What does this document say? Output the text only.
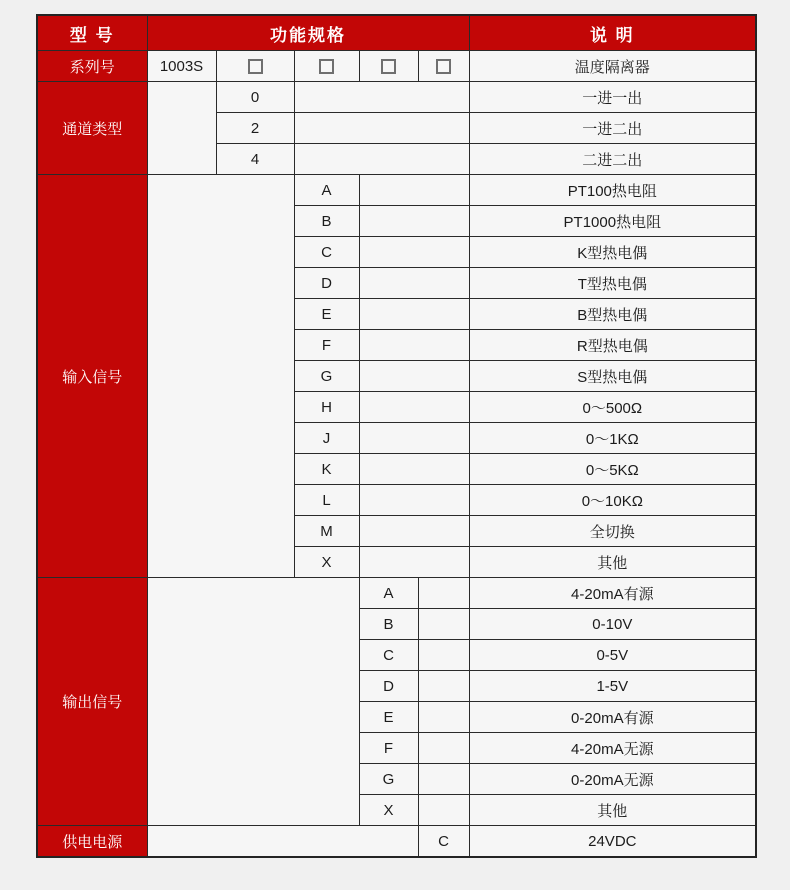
型 号	功能规格					说 明
系列号	1003S					温度隔离器
通道类型		0				一进一出
		2				一进二出
		4				二进二出
输入信号			A			PT100热电阻
			B			PT1000热电阻
			C			K型热电偶
			D			T型热电偶
			E			B型热电偶
			F			R型热电偶
			G			S型热电偶
			H			0～500Ω
			J			0～1KΩ
			K			0～5KΩ
			L			0～10KΩ
			M			全切换
			X			其他
输出信号				A		4-20mA有源
				B		0-10V
				C		0-5V
				D		1-5V
				E		0-20mA有源
				F		4-20mA无源
				G		0-20mA无源
				X		其他
供电电源					C	24VDC
